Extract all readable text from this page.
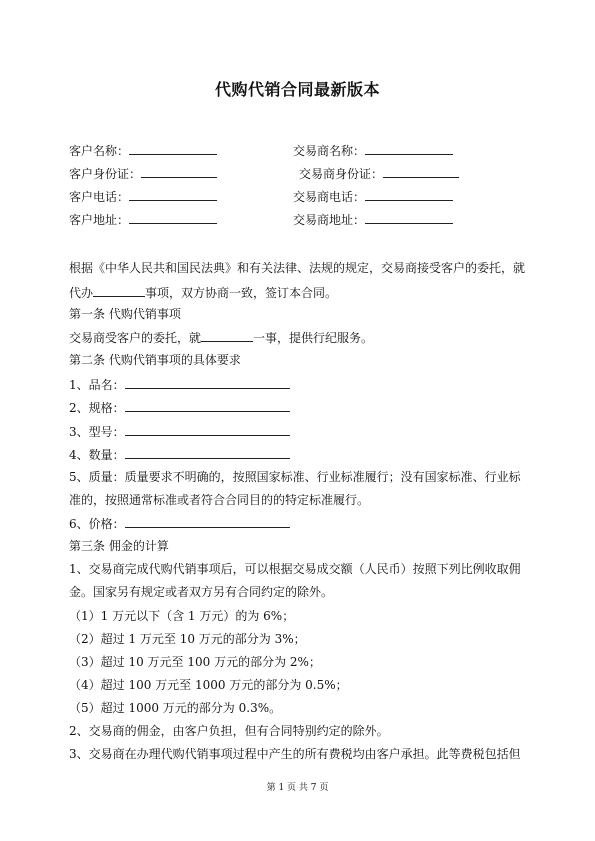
代购代销合同最新版本
客户名称：
客户身份证：
客户电话：
客户地址：
交易商名称：
交易商身份证：
交易商电话：
交易商地址：
根据《中华人民共和国民法典》和有关法律、法规的规定，交易商接受客户的委托，就
代办	事项，双方协商一致，签订本合同。
第一条 代购代销事项
交易商受客户的委托，就	一事，提供行纪服务。
第二条 代购代销事项的具体要求
1、品名：
2、规格：
3、型号：
4、数量：
5、质量：质量要求不明确的，按照国家标准、行业标准履行；没有国家标准、行业标
准的，按照通常标准或者符合合同目的的特定标准履行。
6、价格：
第三条 佣金的计算
1、交易商完成代购代销事项后，可以根据交易成交额（人民币）按照下列比例收取佣
金。国家另有规定或者双方另有合同约定的除外。
（1）1 万元以下（含 1 万元）的为 6%；
（2）超过 1 万元至 10 万元的部分为 3%；
（3）超过 10 万元至 100 万元的部分为 2%；
（4）超过 100 万元至 1000 万元的部分为 0.5%；
（5）超过 1000 万元的部分为 0.3%。
2、交易商的佣金，由客户负担，但有合同特别约定的除外。
3、交易商在办理代购代销事项过程中产生的所有费税均由客户承担。此等费税包括但
第 1 页 共 7 页
